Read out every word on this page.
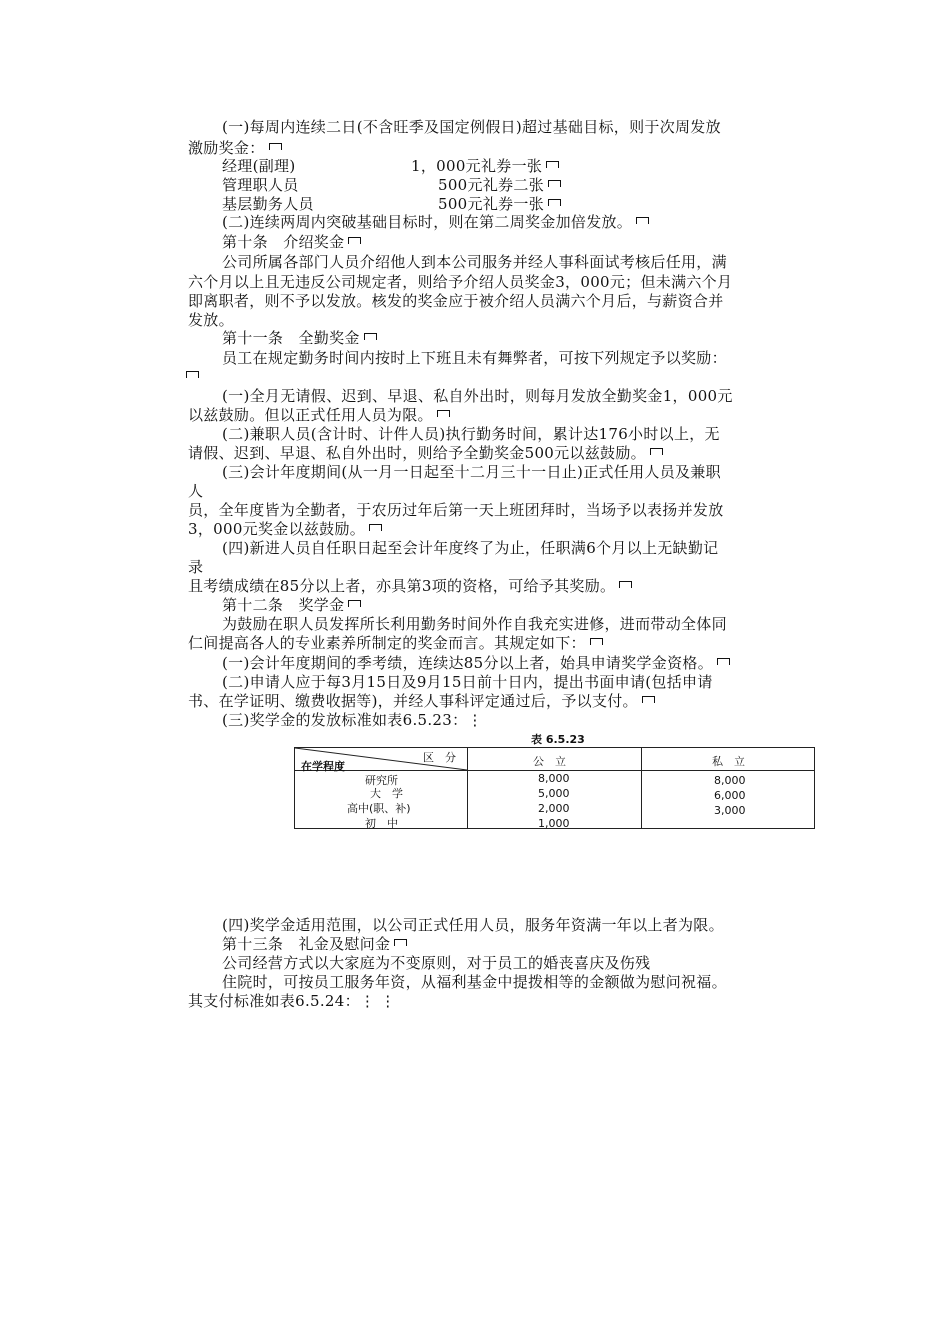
(一)每周内连续二日(不含旺季及国定例假日)超过基础目标，则于次周发放
激励奖金：
经理(副理)	1，000元礼券一张
管理职人员	500元礼券二张
基层勤务人员	500元礼券一张
(二)连续两周内突破基础目标时，则在第二周奖金加倍发放。
第十条　介绍奖金
公司所属各部门人员介绍他人到本公司服务并经人事科面试考核后任用，满
六个月以上且无违反公司规定者，则给予介绍人员奖金3，000元；但未满六个月
即离职者，则不予以发放。核发的奖金应于被介绍人员满六个月后，与薪资合并
发放。
第十一条　全勤奖金
员工在规定勤务时间内按时上下班且未有舞弊者，可按下列规定予以奖励：
(一)全月无请假、迟到、早退、私自外出时，则每月发放全勤奖金1，000元
以兹鼓励。但以正式任用人员为限。
(二)兼职人员(含计时、计件人员)执行勤务时间，累计达176小时以上，无
请假、迟到、早退、私自外出时，则给予全勤奖金500元以兹鼓励。
(三)会计年度期间(从一月一日起至十二月三十一日止)正式任用人员及兼职
人
员，全年度皆为全勤者，于农历过年后第一天上班团拜时，当场予以表扬并发放
3，000元奖金以兹鼓励。
(四)新进人员自任职日起至会计年度终了为止，任职满6个月以上无缺勤记
录
且考绩成绩在85分以上者，亦具第3项的资格，可给予其奖励。
第十二条　奖学金
为鼓励在职人员发挥所长利用勤务时间外作自我充实进修，进而带动全体同
仁间提高各人的专业素养所制定的奖金而言。其规定如下：
(一)会计年度期间的季考绩，连续达85分以上者，始具申请奖学金资格。
(二)申请人应于每3月15日及9月15日前十日内，提出书面申请(包括申请
书、在学证明、缴费收据等)，并经人事科评定通过后，予以支付。
(三)奖学金的发放标准如表6.5.23：⋮
表 6.5.23
区　分
在学程度	公　立	私　立
研究所	8,000	8,000
大　学	5,000	6,000
高中(职、补)	2,000	3,000
初　中	1,000
(四)奖学金适用范围，以公司正式任用人员，服务年资满一年以上者为限。
第十三条　礼金及慰问金
公司经营方式以大家庭为不变原则，对于员工的婚丧喜庆及伤残
住院时，可按员工服务年资，从福利基金中提拨相等的金额做为慰问祝福。
其支付标准如表6.5.24：⋮ ⋮
